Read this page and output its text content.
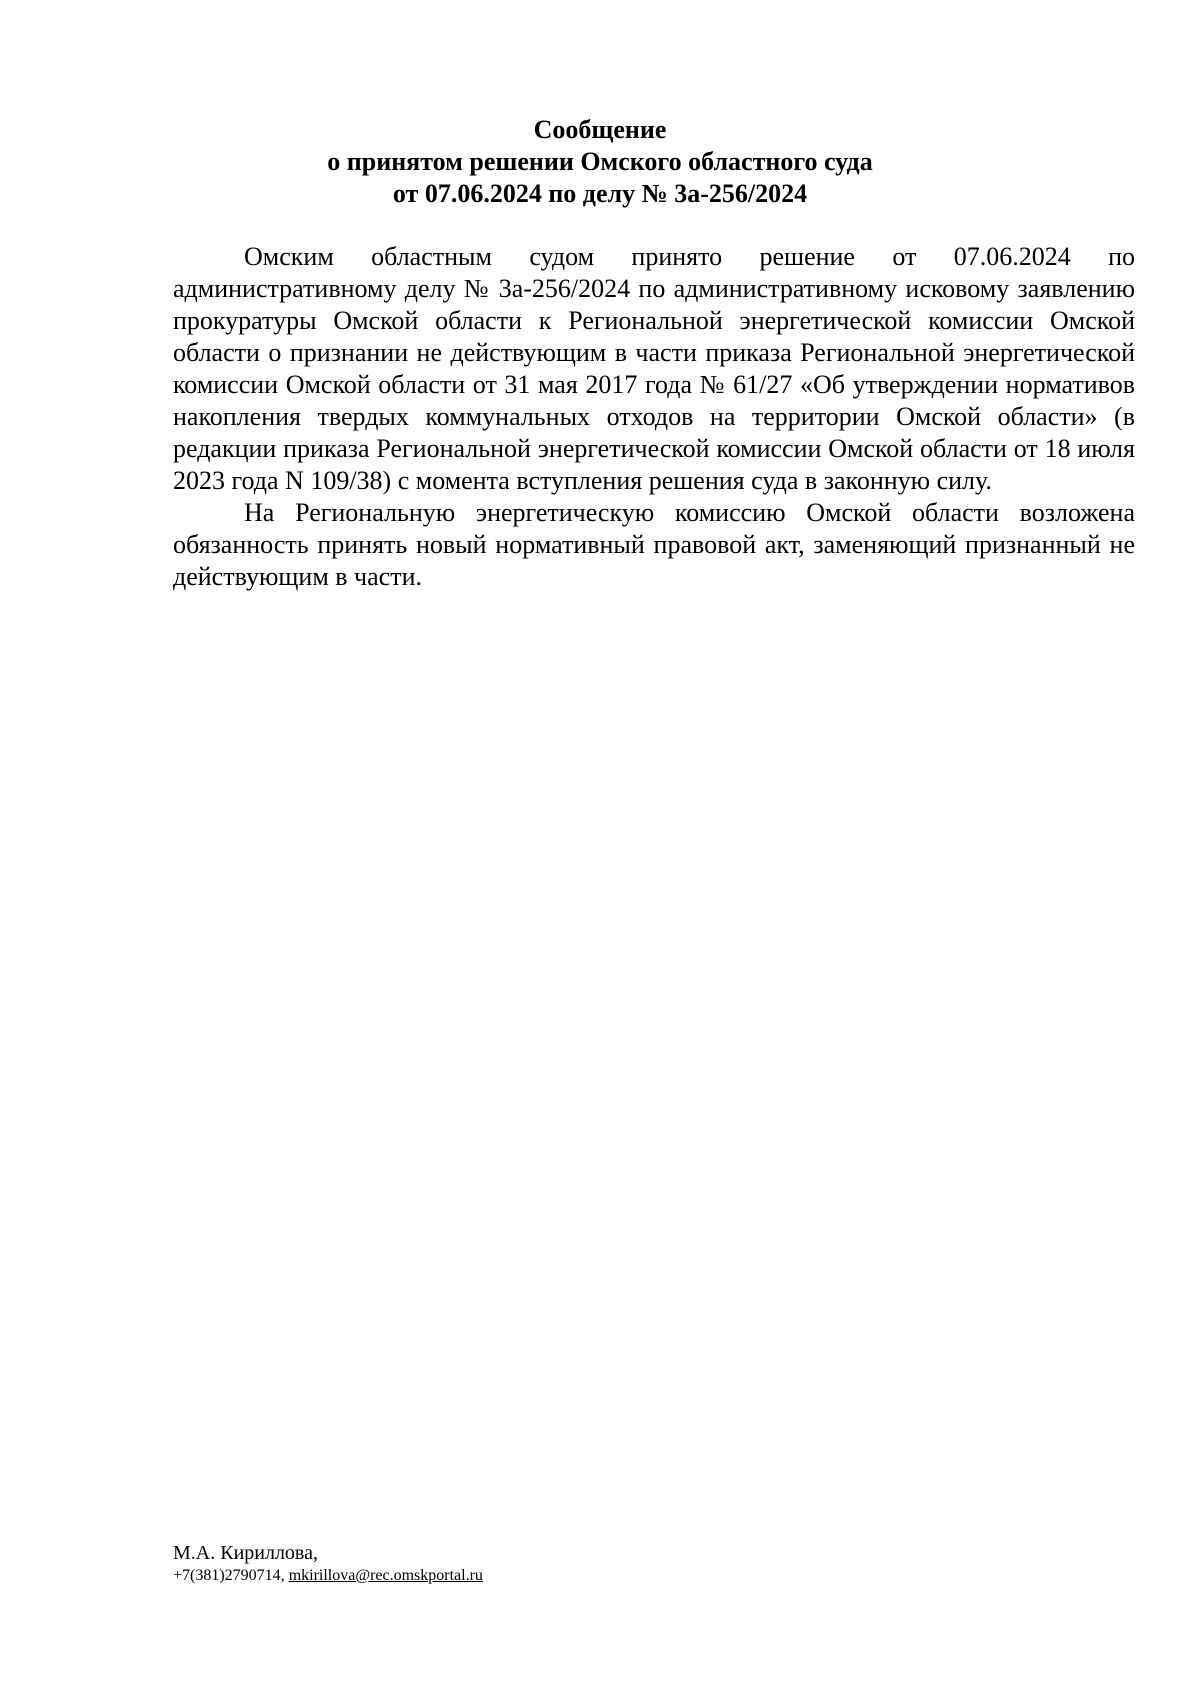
Сообщение
о принятом решении Омского областного суда
от 07.06.2024 по делу № 3а-256/2024

Омским областным судом принято решение от 07.06.2024 по административному делу № 3а-256/2024 по административному исковому заявлению прокуратуры Омской области к Региональной энергетической комиссии Омской области о признании не действующим в части приказа Региональной энергетической комиссии Омской области от 31 мая 2017 года № 61/27 «Об утверждении нормативов накопления твердых коммунальных отходов на территории Омской области» (в редакции приказа Региональной энергетической комиссии Омской области от 18 июля 2023 года N 109/38) с момента вступления решения суда в законную силу.

На Региональную энергетическую комиссию Омской области возложена обязанность принять новый нормативный правовой акт, заменяющий признанный не действующим в части.

М.А. Кириллова,
+7(381)2790714, mkirillova@rec.omskportal.ru
